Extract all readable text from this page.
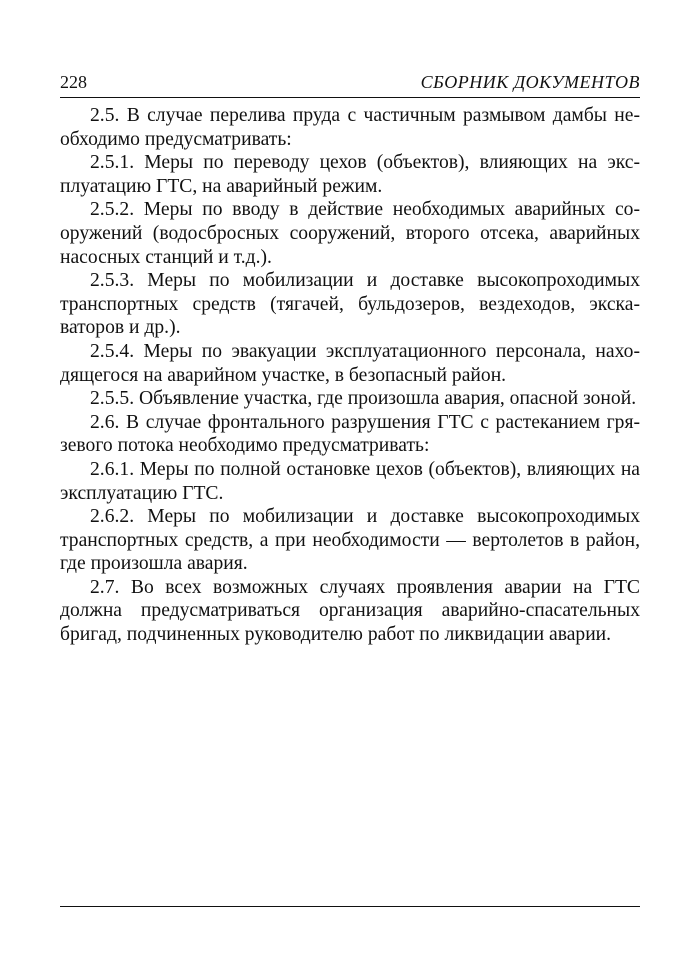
228	СБОРНИК ДОКУМЕНТОВ

2.5. В случае перелива пруда с частичным размывом дамбы необходимо предусматривать:

2.5.1. Меры по переводу цехов (объектов), влияющих на эксплуатацию ГТС, на аварийный режим.

2.5.2. Меры по вводу в действие необходимых аварийных сооружений (водосбросных сооружений, второго отсека, аварийных насосных станций и т.д.).

2.5.3. Меры по мобилизации и доставке высокопроходимых транспортных средств (тягачей, бульдозеров, вездеходов, экскаваторов и др.).

2.5.4. Меры по эвакуации эксплуатационного персонала, находящегося на аварийном участке, в безопасный район.

2.5.5. Объявление участка, где произошла авария, опасной зоной.

2.6. В случае фронтального разрушения ГТС с растеканием грязевого потока необходимо предусматривать:

2.6.1. Меры по полной остановке цехов (объектов), влияющих на эксплуатацию ГТС.

2.6.2. Меры по мобилизации и доставке высокопроходимых транспортных средств, а при необходимости — вертолетов в район, где произошла авария.

2.7. Во всех возможных случаях проявления аварии на ГТС должна предусматриваться организация аварийно-спасательных бригад, подчиненных руководителю работ по ликвидации аварии.
